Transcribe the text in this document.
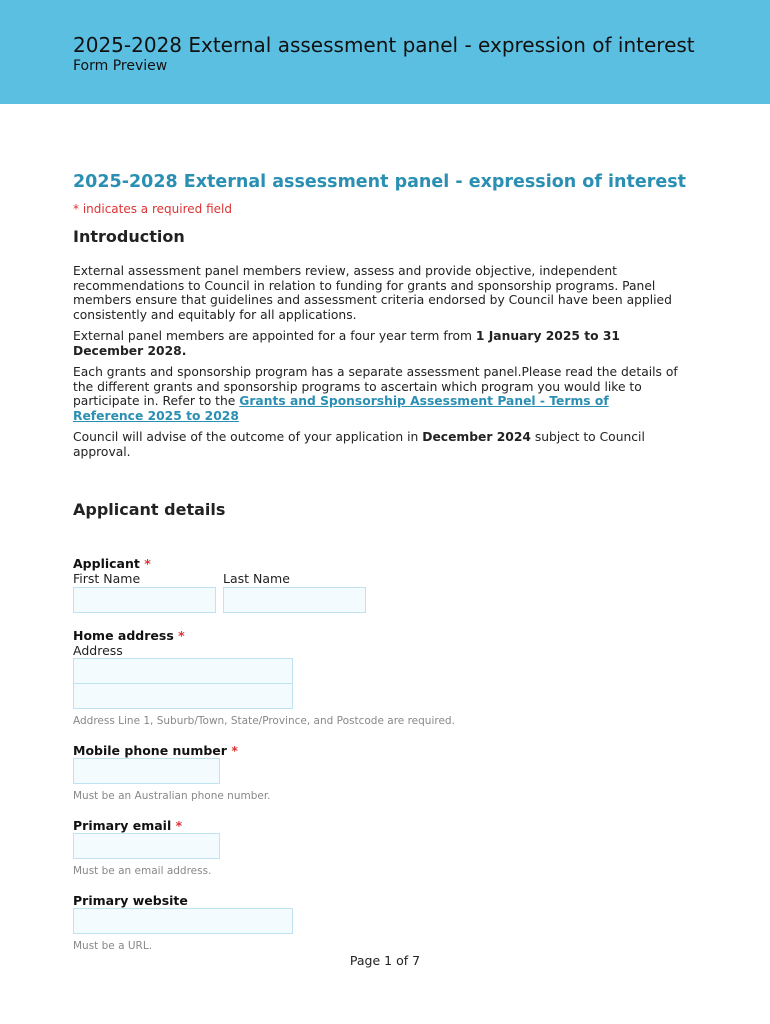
2025-2028 External assessment panel - expression of interest
Form Preview
2025-2028 External assessment panel - expression of interest
* indicates a required field
Introduction

External assessment panel members review, assess and provide objective, independent recommendations to Council in relation to funding for grants and sponsorship programs. Panel members ensure that guidelines and assessment criteria endorsed by Council have been applied consistently and equitably for all applications.

External panel members are appointed for a four year term from 1 January 2025 to 31 December 2028.

Each grants and sponsorship program has a separate assessment panel.Please read the details of the different grants and sponsorship programs to ascertain which program you would like to participate in. Refer to the Grants and Sponsorship Assessment Panel - Terms of Reference 2025 to 2028

Council will advise of the outcome of your application in December 2024 subject to Council approval.

Applicant details
Applicant *
First Name	Last Name
Home address *
Address
Address Line 1, Suburb/Town, State/Province, and Postcode are required.
Mobile phone number *
Must be an Australian phone number.
Primary email *
Must be an email address.
Primary website
Must be a URL.
Page 1 of 7
